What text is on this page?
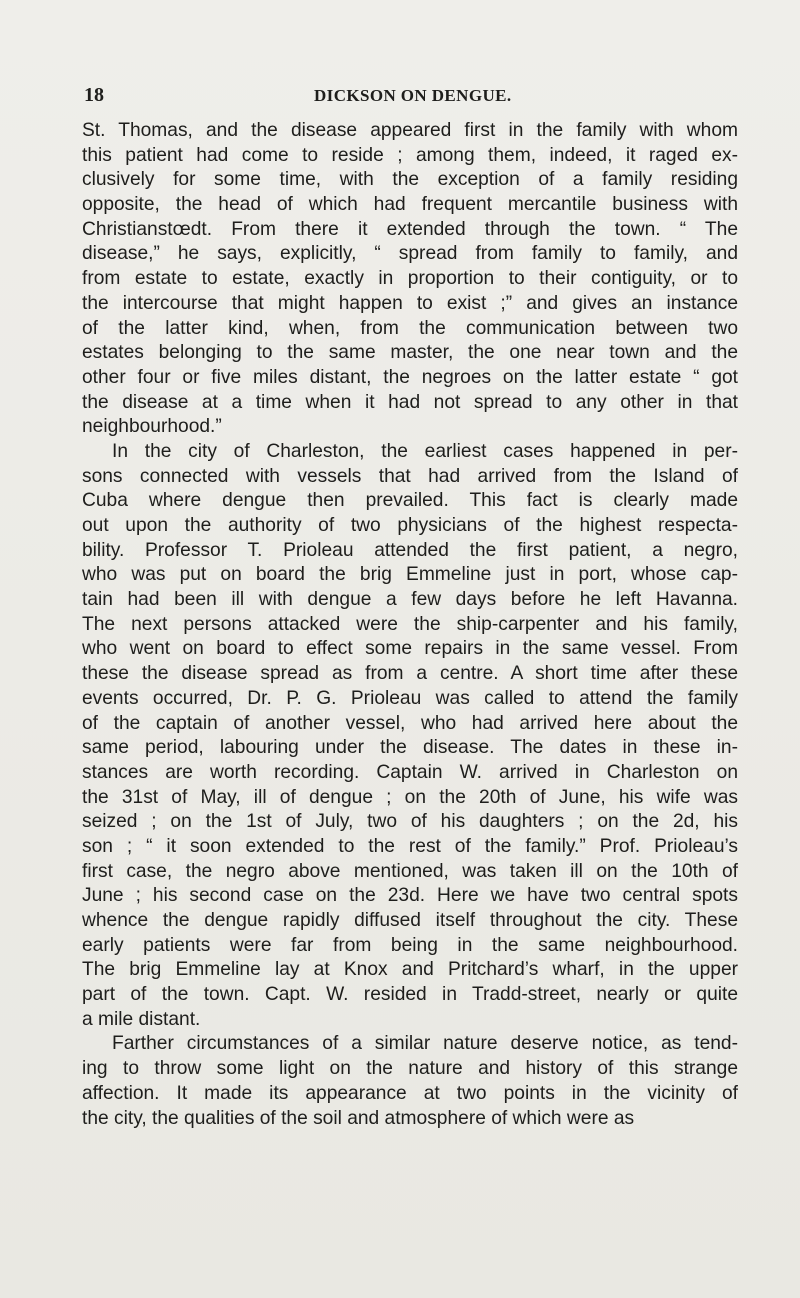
18	DICKSON ON DENGUE.
St. Thomas, and the disease appeared first in the family with whom
this patient had come to reside ; among them, indeed, it raged ex-
clusively for some time, with the exception of a family residing
opposite, the head of which had frequent mercantile business with
Christianstœdt. From there it extended through the town. “ The
disease,” he says, explicitly, “ spread from family to family, and
from estate to estate, exactly in proportion to their contiguity, or to
the intercourse that might happen to exist ;” and gives an instance
of the latter kind, when, from the communication between two
estates belonging to the same master, the one near town and the
other four or five miles distant, the negroes on the latter estate “ got
the disease at a time when it had not spread to any other in that
neighbourhood.”
In the city of Charleston, the earliest cases happened in per-
sons connected with vessels that had arrived from the Island of
Cuba where dengue then prevailed. This fact is clearly made
out upon the authority of two physicians of the highest respecta-
bility. Professor T. Prioleau attended the first patient, a negro,
who was put on board the brig Emmeline just in port, whose cap-
tain had been ill with dengue a few days before he left Havanna.
The next persons attacked were the ship-carpenter and his family,
who went on board to effect some repairs in the same vessel. From
these the disease spread as from a centre. A short time after these
events occurred, Dr. P. G. Prioleau was called to attend the family
of the captain of another vessel, who had arrived here about the
same period, labouring under the disease. The dates in these in-
stances are worth recording. Captain W. arrived in Charleston on
the 31st of May, ill of dengue ; on the 20th of June, his wife was
seized ; on the 1st of July, two of his daughters ; on the 2d, his
son ; “ it soon extended to the rest of the family.” Prof. Prioleau’s
first case, the negro above mentioned, was taken ill on the 10th of
June ; his second case on the 23d. Here we have two central spots
whence the dengue rapidly diffused itself throughout the city. These
early patients were far from being in the same neighbourhood.
The brig Emmeline lay at Knox and Pritchard’s wharf, in the upper
part of the town. Capt. W. resided in Tradd-street, nearly or quite
a mile distant.
Farther circumstances of a similar nature deserve notice, as tend-
ing to throw some light on the nature and history of this strange
affection. It made its appearance at two points in the vicinity of
the city, the qualities of the soil and atmosphere of which were as
